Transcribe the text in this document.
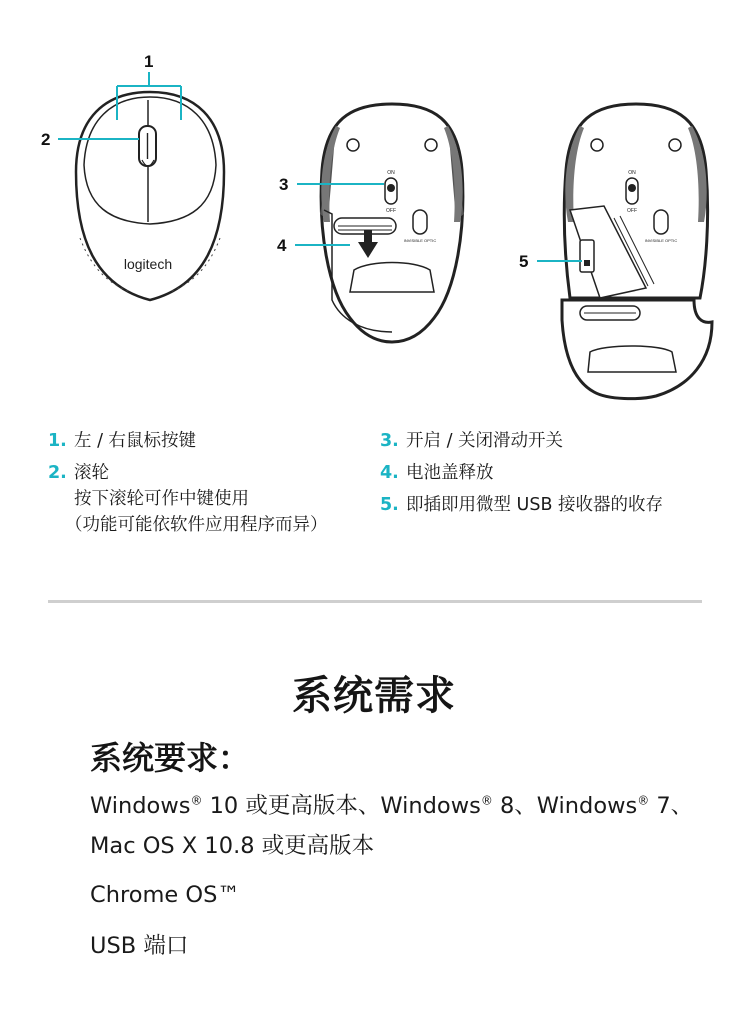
logitech
1
2
ON
OFF
INVISIBLE OPTIC
3
4
ON
OFF
INVISIBLE OPTIC
5
1. 左 / 右鼠标按键
2. 滚轮
按下滚轮可作中键使用
（功能可能依软件应用程序而异）
3. 开启 / 关闭滑动开关
4. 电池盖释放
5. 即插即用微型 USB 接收器的收存
系统需求
系统要求：
Windows® 10 或更高版本、Windows® 8、Windows® 7、
Mac OS X 10.8 或更高版本
Chrome OS™
USB 端口
